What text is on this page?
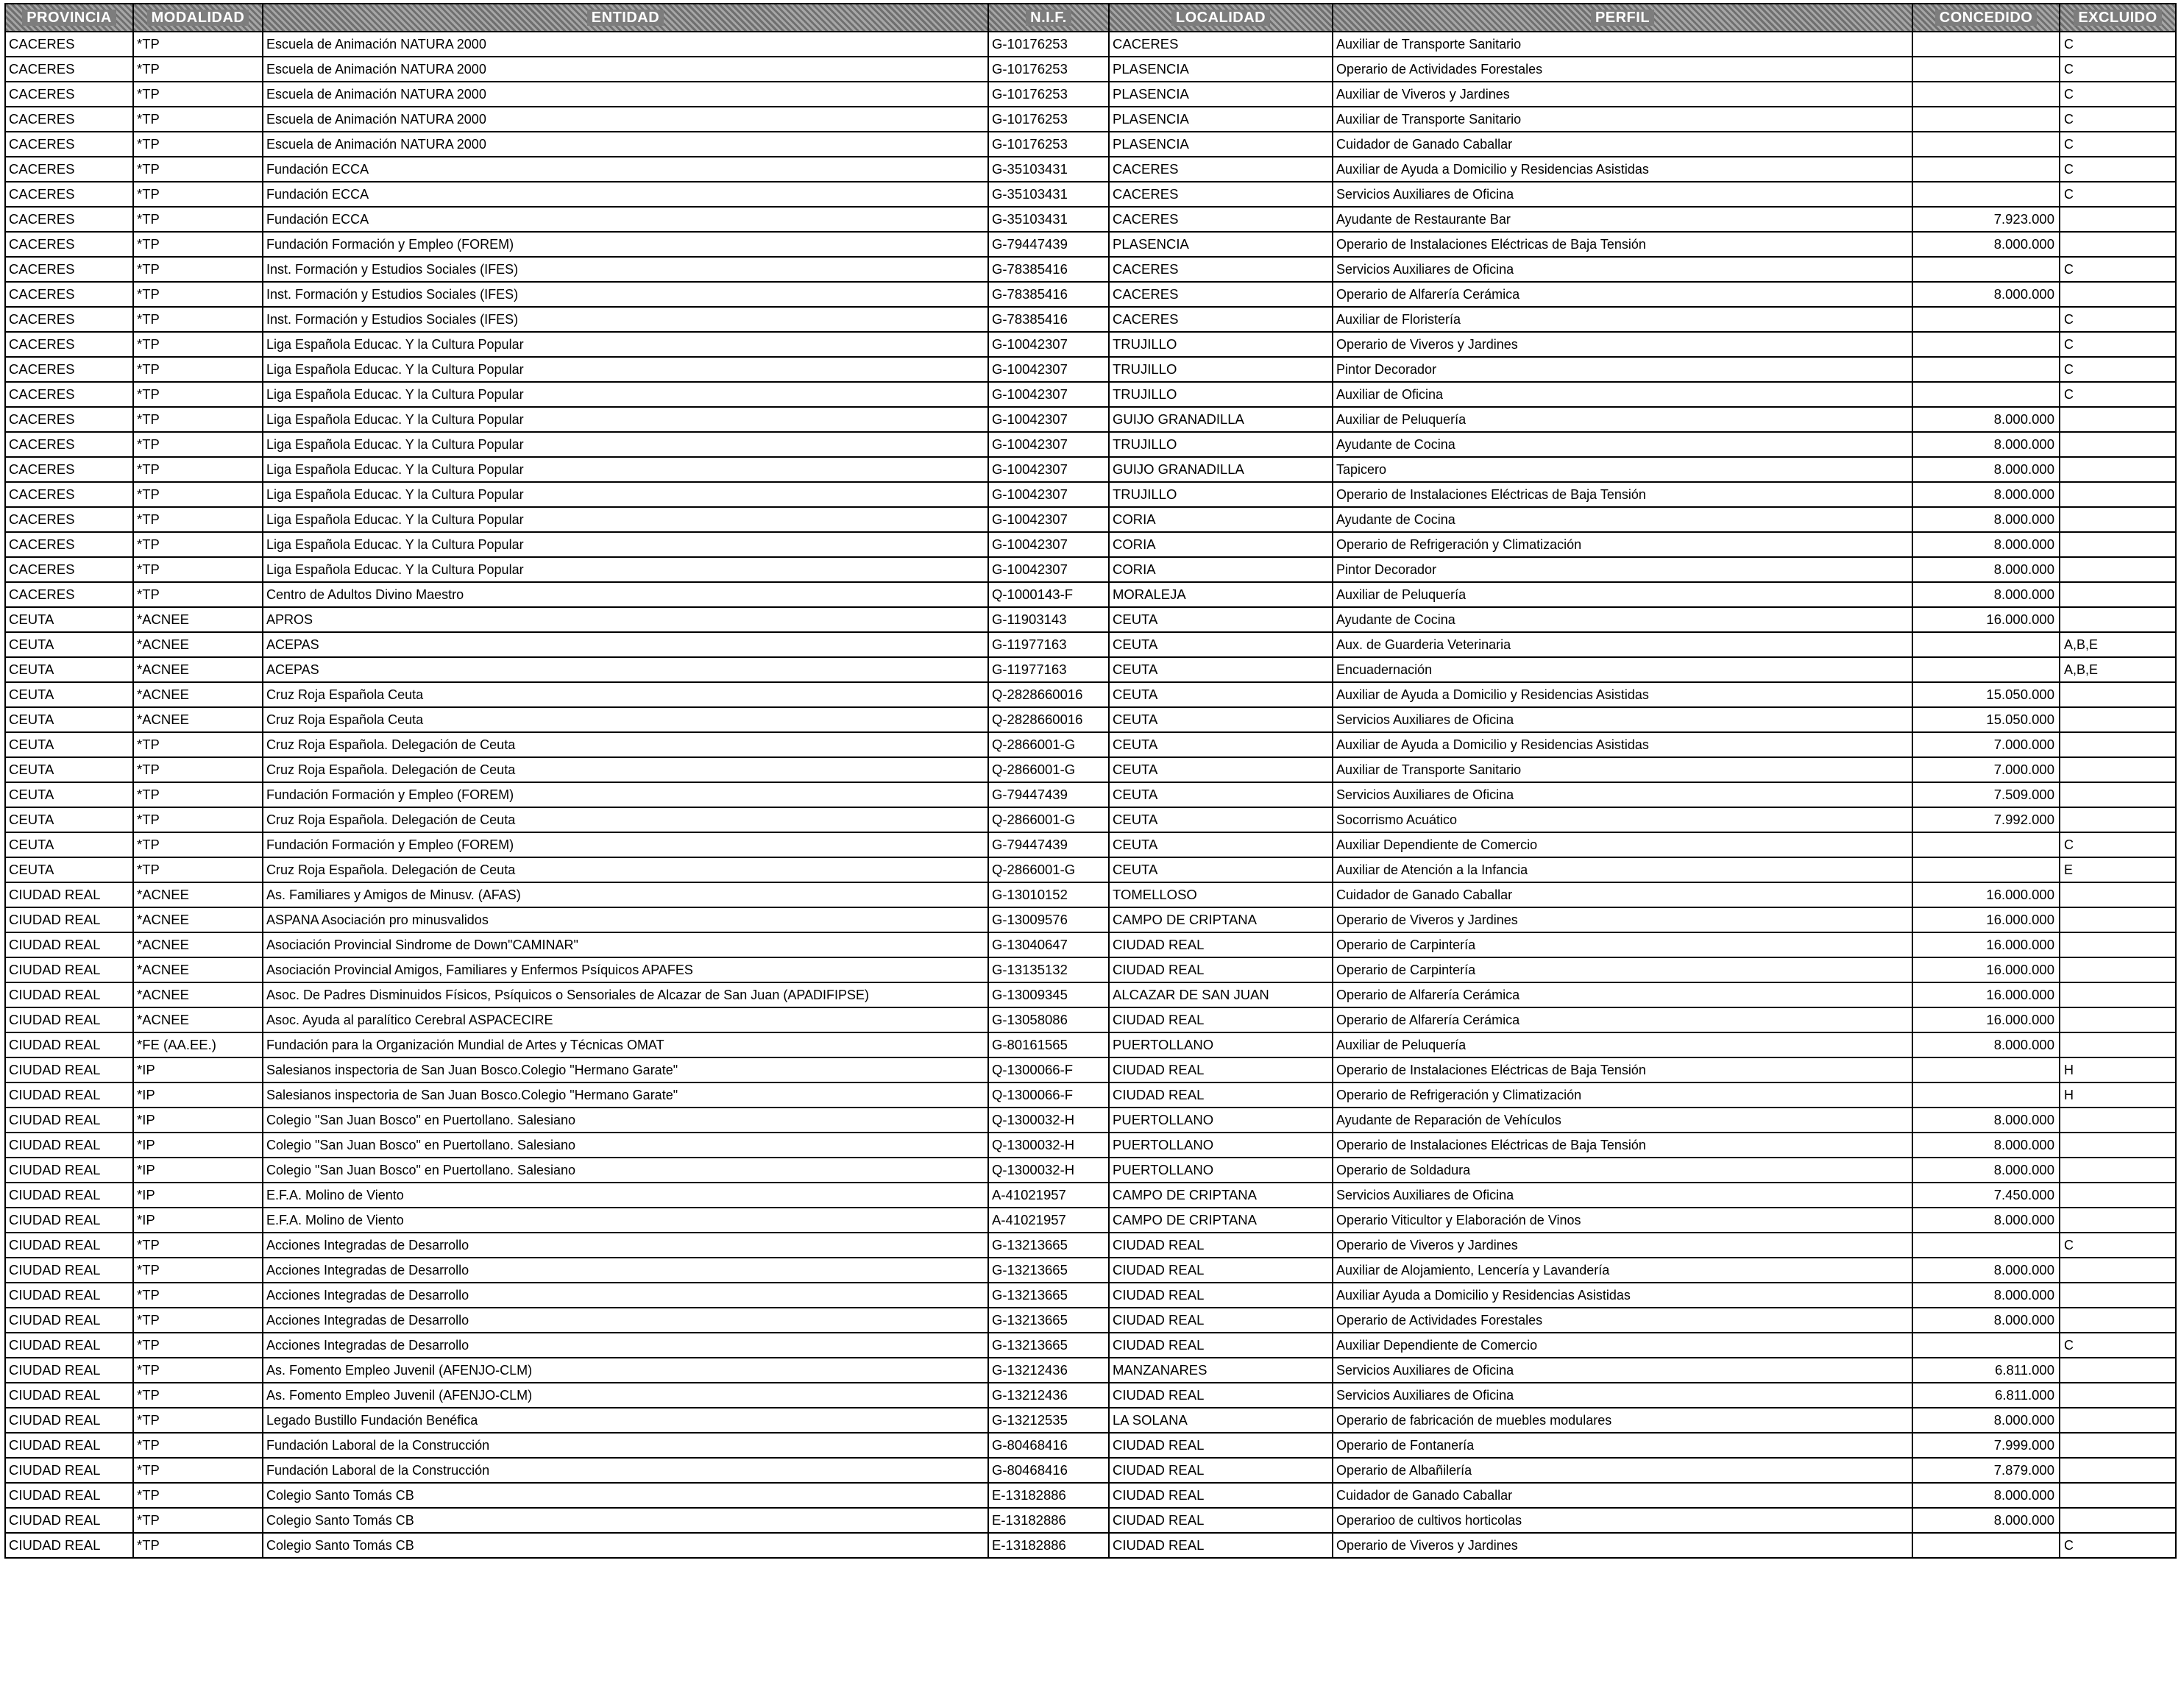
PROVINCIA	MODALIDAD	ENTIDAD	N.I.F.	LOCALIDAD	PERFIL	CONCEDIDO	EXCLUIDO
CACERES	*TP	Escuela de Animación NATURA 2000	G-10176253	CACERES	Auxiliar de Transporte Sanitario		C
CACERES	*TP	Escuela de Animación NATURA 2000	G-10176253	PLASENCIA	Operario de Actividades Forestales		C
CACERES	*TP	Escuela de Animación NATURA 2000	G-10176253	PLASENCIA	Auxiliar de Viveros y Jardines		C
CACERES	*TP	Escuela de Animación NATURA 2000	G-10176253	PLASENCIA	Auxiliar de Transporte Sanitario		C
CACERES	*TP	Escuela de Animación NATURA 2000	G-10176253	PLASENCIA	Cuidador de Ganado Caballar		C
CACERES	*TP	Fundación ECCA	G-35103431	CACERES	Auxiliar de Ayuda a Domicilio y Residencias Asistidas		C
CACERES	*TP	Fundación ECCA	G-35103431	CACERES	Servicios Auxiliares de Oficina		C
CACERES	*TP	Fundación ECCA	G-35103431	CACERES	Ayudante de Restaurante Bar	7.923.000	
CACERES	*TP	Fundación Formación y Empleo (FOREM)	G-79447439	PLASENCIA	Operario de Instalaciones Eléctricas de Baja Tensión	8.000.000	
CACERES	*TP	Inst. Formación y Estudios Sociales (IFES)	G-78385416	CACERES	Servicios Auxiliares de Oficina		C
CACERES	*TP	Inst. Formación y Estudios Sociales (IFES)	G-78385416	CACERES	Operario de Alfarería Cerámica	8.000.000	
CACERES	*TP	Inst. Formación y Estudios Sociales (IFES)	G-78385416	CACERES	Auxiliar de Floristería		C
CACERES	*TP	Liga Española Educac. Y la Cultura Popular	G-10042307	TRUJILLO	Operario de Viveros y Jardines		C
CACERES	*TP	Liga Española Educac. Y la Cultura Popular	G-10042307	TRUJILLO	Pintor Decorador		C
CACERES	*TP	Liga Española Educac. Y la Cultura Popular	G-10042307	TRUJILLO	Auxiliar de Oficina		C
CACERES	*TP	Liga Española Educac. Y la Cultura Popular	G-10042307	GUIJO GRANADILLA	Auxiliar de Peluquería	8.000.000	
CACERES	*TP	Liga Española Educac. Y la Cultura Popular	G-10042307	TRUJILLO	Ayudante de Cocina	8.000.000	
CACERES	*TP	Liga Española Educac. Y la Cultura Popular	G-10042307	GUIJO GRANADILLA	Tapicero	8.000.000	
CACERES	*TP	Liga Española Educac. Y la Cultura Popular	G-10042307	TRUJILLO	Operario de Instalaciones Eléctricas de Baja Tensión	8.000.000	
CACERES	*TP	Liga Española Educac. Y la Cultura Popular	G-10042307	CORIA	Ayudante de Cocina	8.000.000	
CACERES	*TP	Liga Española Educac. Y la Cultura Popular	G-10042307	CORIA	Operario de Refrigeración y Climatización	8.000.000	
CACERES	*TP	Liga Española Educac. Y la Cultura Popular	G-10042307	CORIA	Pintor Decorador	8.000.000	
CACERES	*TP	Centro de Adultos Divino Maestro	Q-1000143-F	MORALEJA	Auxiliar de Peluquería	8.000.000	
CEUTA	*ACNEE	APROS	G-11903143	CEUTA	Ayudante de Cocina	16.000.000	
CEUTA	*ACNEE	ACEPAS	G-11977163	CEUTA	Aux. de Guarderia Veterinaria		A,B,E
CEUTA	*ACNEE	ACEPAS	G-11977163	CEUTA	Encuadernación		A,B,E
CEUTA	*ACNEE	Cruz Roja Española Ceuta	Q-2828660016	CEUTA	Auxiliar de Ayuda a Domicilio y Residencias Asistidas	15.050.000	
CEUTA	*ACNEE	Cruz Roja Española Ceuta	Q-2828660016	CEUTA	Servicios Auxiliares de Oficina	15.050.000	
CEUTA	*TP	Cruz Roja Española. Delegación de Ceuta	Q-2866001-G	CEUTA	Auxiliar de Ayuda a Domicilio y Residencias Asistidas	7.000.000	
CEUTA	*TP	Cruz Roja Española. Delegación de Ceuta	Q-2866001-G	CEUTA	Auxiliar de Transporte Sanitario	7.000.000	
CEUTA	*TP	Fundación Formación y Empleo (FOREM)	G-79447439	CEUTA	Servicios Auxiliares de Oficina	7.509.000	
CEUTA	*TP	Cruz Roja Española. Delegación de Ceuta	Q-2866001-G	CEUTA	Socorrismo Acuático	7.992.000	
CEUTA	*TP	Fundación Formación y Empleo (FOREM)	G-79447439	CEUTA	Auxiliar Dependiente de Comercio		C
CEUTA	*TP	Cruz Roja Española. Delegación de Ceuta	Q-2866001-G	CEUTA	Auxiliar de Atención a la Infancia		E
CIUDAD REAL	*ACNEE	As. Familiares y Amigos de Minusv. (AFAS)	G-13010152	TOMELLOSO	Cuidador de Ganado Caballar	16.000.000	
CIUDAD REAL	*ACNEE	ASPANA Asociación pro minusvalidos	G-13009576	CAMPO DE CRIPTANA	Operario de Viveros y Jardines	16.000.000	
CIUDAD REAL	*ACNEE	Asociación Provincial Sindrome de Down"CAMINAR"	G-13040647	CIUDAD REAL	Operario de Carpintería	16.000.000	
CIUDAD REAL	*ACNEE	Asociación Provincial Amigos, Familiares y Enfermos Psíquicos APAFES	G-13135132	CIUDAD REAL	Operario de Carpintería	16.000.000	
CIUDAD REAL	*ACNEE	Asoc. De Padres Disminuidos Físicos, Psíquicos o Sensoriales de Alcazar de San Juan (APADIFIPSE)	G-13009345	ALCAZAR DE SAN JUAN	Operario de Alfarería Cerámica	16.000.000	
CIUDAD REAL	*ACNEE	Asoc. Ayuda al paralítico Cerebral ASPACECIRE	G-13058086	CIUDAD REAL	Operario de Alfarería Cerámica	16.000.000	
CIUDAD REAL	*FE (AA.EE.)	Fundación para la Organización Mundial de Artes y Técnicas OMAT	G-80161565	PUERTOLLANO	Auxiliar de Peluquería	8.000.000	
CIUDAD REAL	*IP	Salesianos inspectoria de San Juan Bosco.Colegio "Hermano Garate"	Q-1300066-F	CIUDAD REAL	Operario de Instalaciones Eléctricas de Baja Tensión		H
CIUDAD REAL	*IP	Salesianos inspectoria de San Juan Bosco.Colegio "Hermano Garate"	Q-1300066-F	CIUDAD REAL	Operario de Refrigeración y Climatización		H
CIUDAD REAL	*IP	Colegio "San Juan Bosco" en Puertollano. Salesiano	Q-1300032-H	PUERTOLLANO	Ayudante de Reparación de Vehículos	8.000.000	
CIUDAD REAL	*IP	Colegio "San Juan Bosco" en Puertollano. Salesiano	Q-1300032-H	PUERTOLLANO	Operario de Instalaciones Eléctricas de Baja Tensión	8.000.000	
CIUDAD REAL	*IP	Colegio "San Juan Bosco" en Puertollano. Salesiano	Q-1300032-H	PUERTOLLANO	Operario de Soldadura	8.000.000	
CIUDAD REAL	*IP	E.F.A. Molino de Viento	A-41021957	CAMPO DE CRIPTANA	Servicios Auxiliares de Oficina	7.450.000	
CIUDAD REAL	*IP	E.F.A. Molino de Viento	A-41021957	CAMPO DE CRIPTANA	Operario Viticultor y Elaboración de Vinos	8.000.000	
CIUDAD REAL	*TP	Acciones Integradas de Desarrollo	G-13213665	CIUDAD REAL	Operario de Viveros y Jardines		C
CIUDAD REAL	*TP	Acciones Integradas de Desarrollo	G-13213665	CIUDAD REAL	Auxiliar de Alojamiento, Lencería y Lavandería	8.000.000	
CIUDAD REAL	*TP	Acciones Integradas de Desarrollo	G-13213665	CIUDAD REAL	Auxiliar Ayuda a Domicilio y Residencias Asistidas	8.000.000	
CIUDAD REAL	*TP	Acciones Integradas de Desarrollo	G-13213665	CIUDAD REAL	Operario de Actividades Forestales	8.000.000	
CIUDAD REAL	*TP	Acciones Integradas de Desarrollo	G-13213665	CIUDAD REAL	Auxiliar Dependiente de Comercio		C
CIUDAD REAL	*TP	As. Fomento Empleo Juvenil (AFENJO-CLM)	G-13212436	MANZANARES	Servicios Auxiliares de Oficina	6.811.000	
CIUDAD REAL	*TP	As. Fomento Empleo Juvenil (AFENJO-CLM)	G-13212436	CIUDAD REAL	Servicios Auxiliares de Oficina	6.811.000	
CIUDAD REAL	*TP	Legado Bustillo Fundación Benéfica	G-13212535	LA SOLANA	Operario de fabricación de muebles modulares	8.000.000	
CIUDAD REAL	*TP	Fundación Laboral de la Construcción	G-80468416	CIUDAD REAL	Operario de Fontanería	7.999.000	
CIUDAD REAL	*TP	Fundación Laboral de la Construcción	G-80468416	CIUDAD REAL	Operario de Albañilería	7.879.000	
CIUDAD REAL	*TP	Colegio Santo Tomás CB	E-13182886	CIUDAD REAL	Cuidador de Ganado Caballar	8.000.000	
CIUDAD REAL	*TP	Colegio Santo Tomás CB	E-13182886	CIUDAD REAL	Operarioo de cultivos horticolas	8.000.000	
CIUDAD REAL	*TP	Colegio Santo Tomás CB	E-13182886	CIUDAD REAL	Operario de Viveros y Jardines		C
